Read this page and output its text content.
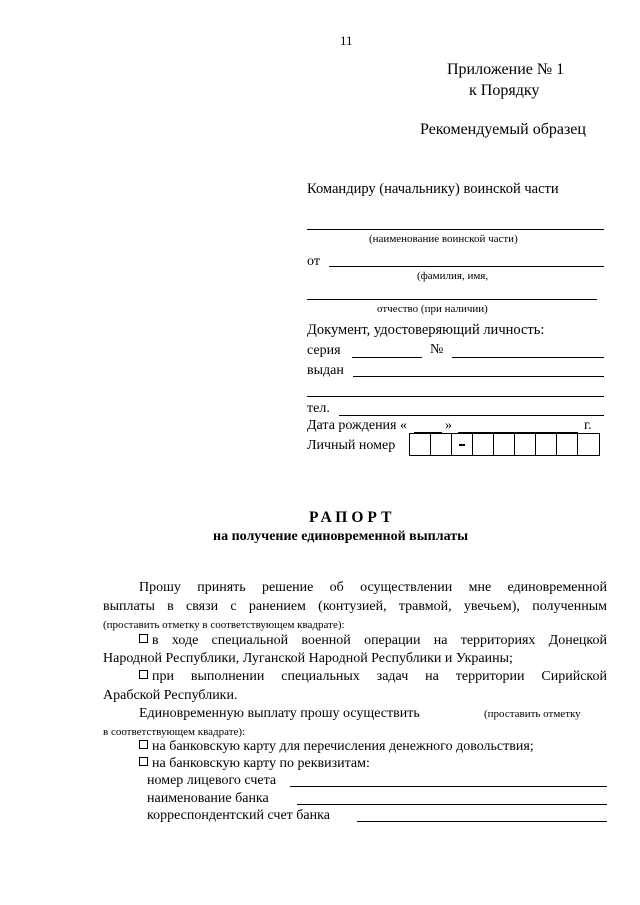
11
Приложение № 1
к Порядку
Рекомендуемый образец
Командиру (начальнику) воинской части
(наименование воинской части)
от
(фамилия, имя,
отчество (при наличии)
Документ, удостоверяющий личность:
серия	№
выдан
тел.
Дата рождения «	»	г.
Личный номер
РАПОРТ
на получение единовременной выплаты
Прошу принять решение об осуществлении мне единовременной
выплаты в связи с ранением (контузией, травмой, увечьем), полученным
(проставить отметку в соответствующем квадрате):
в ходе специальной военной операции на территориях Донецкой
Народной Республики, Луганской Народной Республики и Украины;
при выполнении специальных задач на территории Сирийской
Арабской Республики.
Единовременную выплату прошу осуществить	(проставить отметку
в соответствующем квадрате):
на банковскую карту для перечисления денежного довольствия;
на банковскую карту по реквизитам:
номер лицевого счета
наименование банка
корреспондентский счет банка
